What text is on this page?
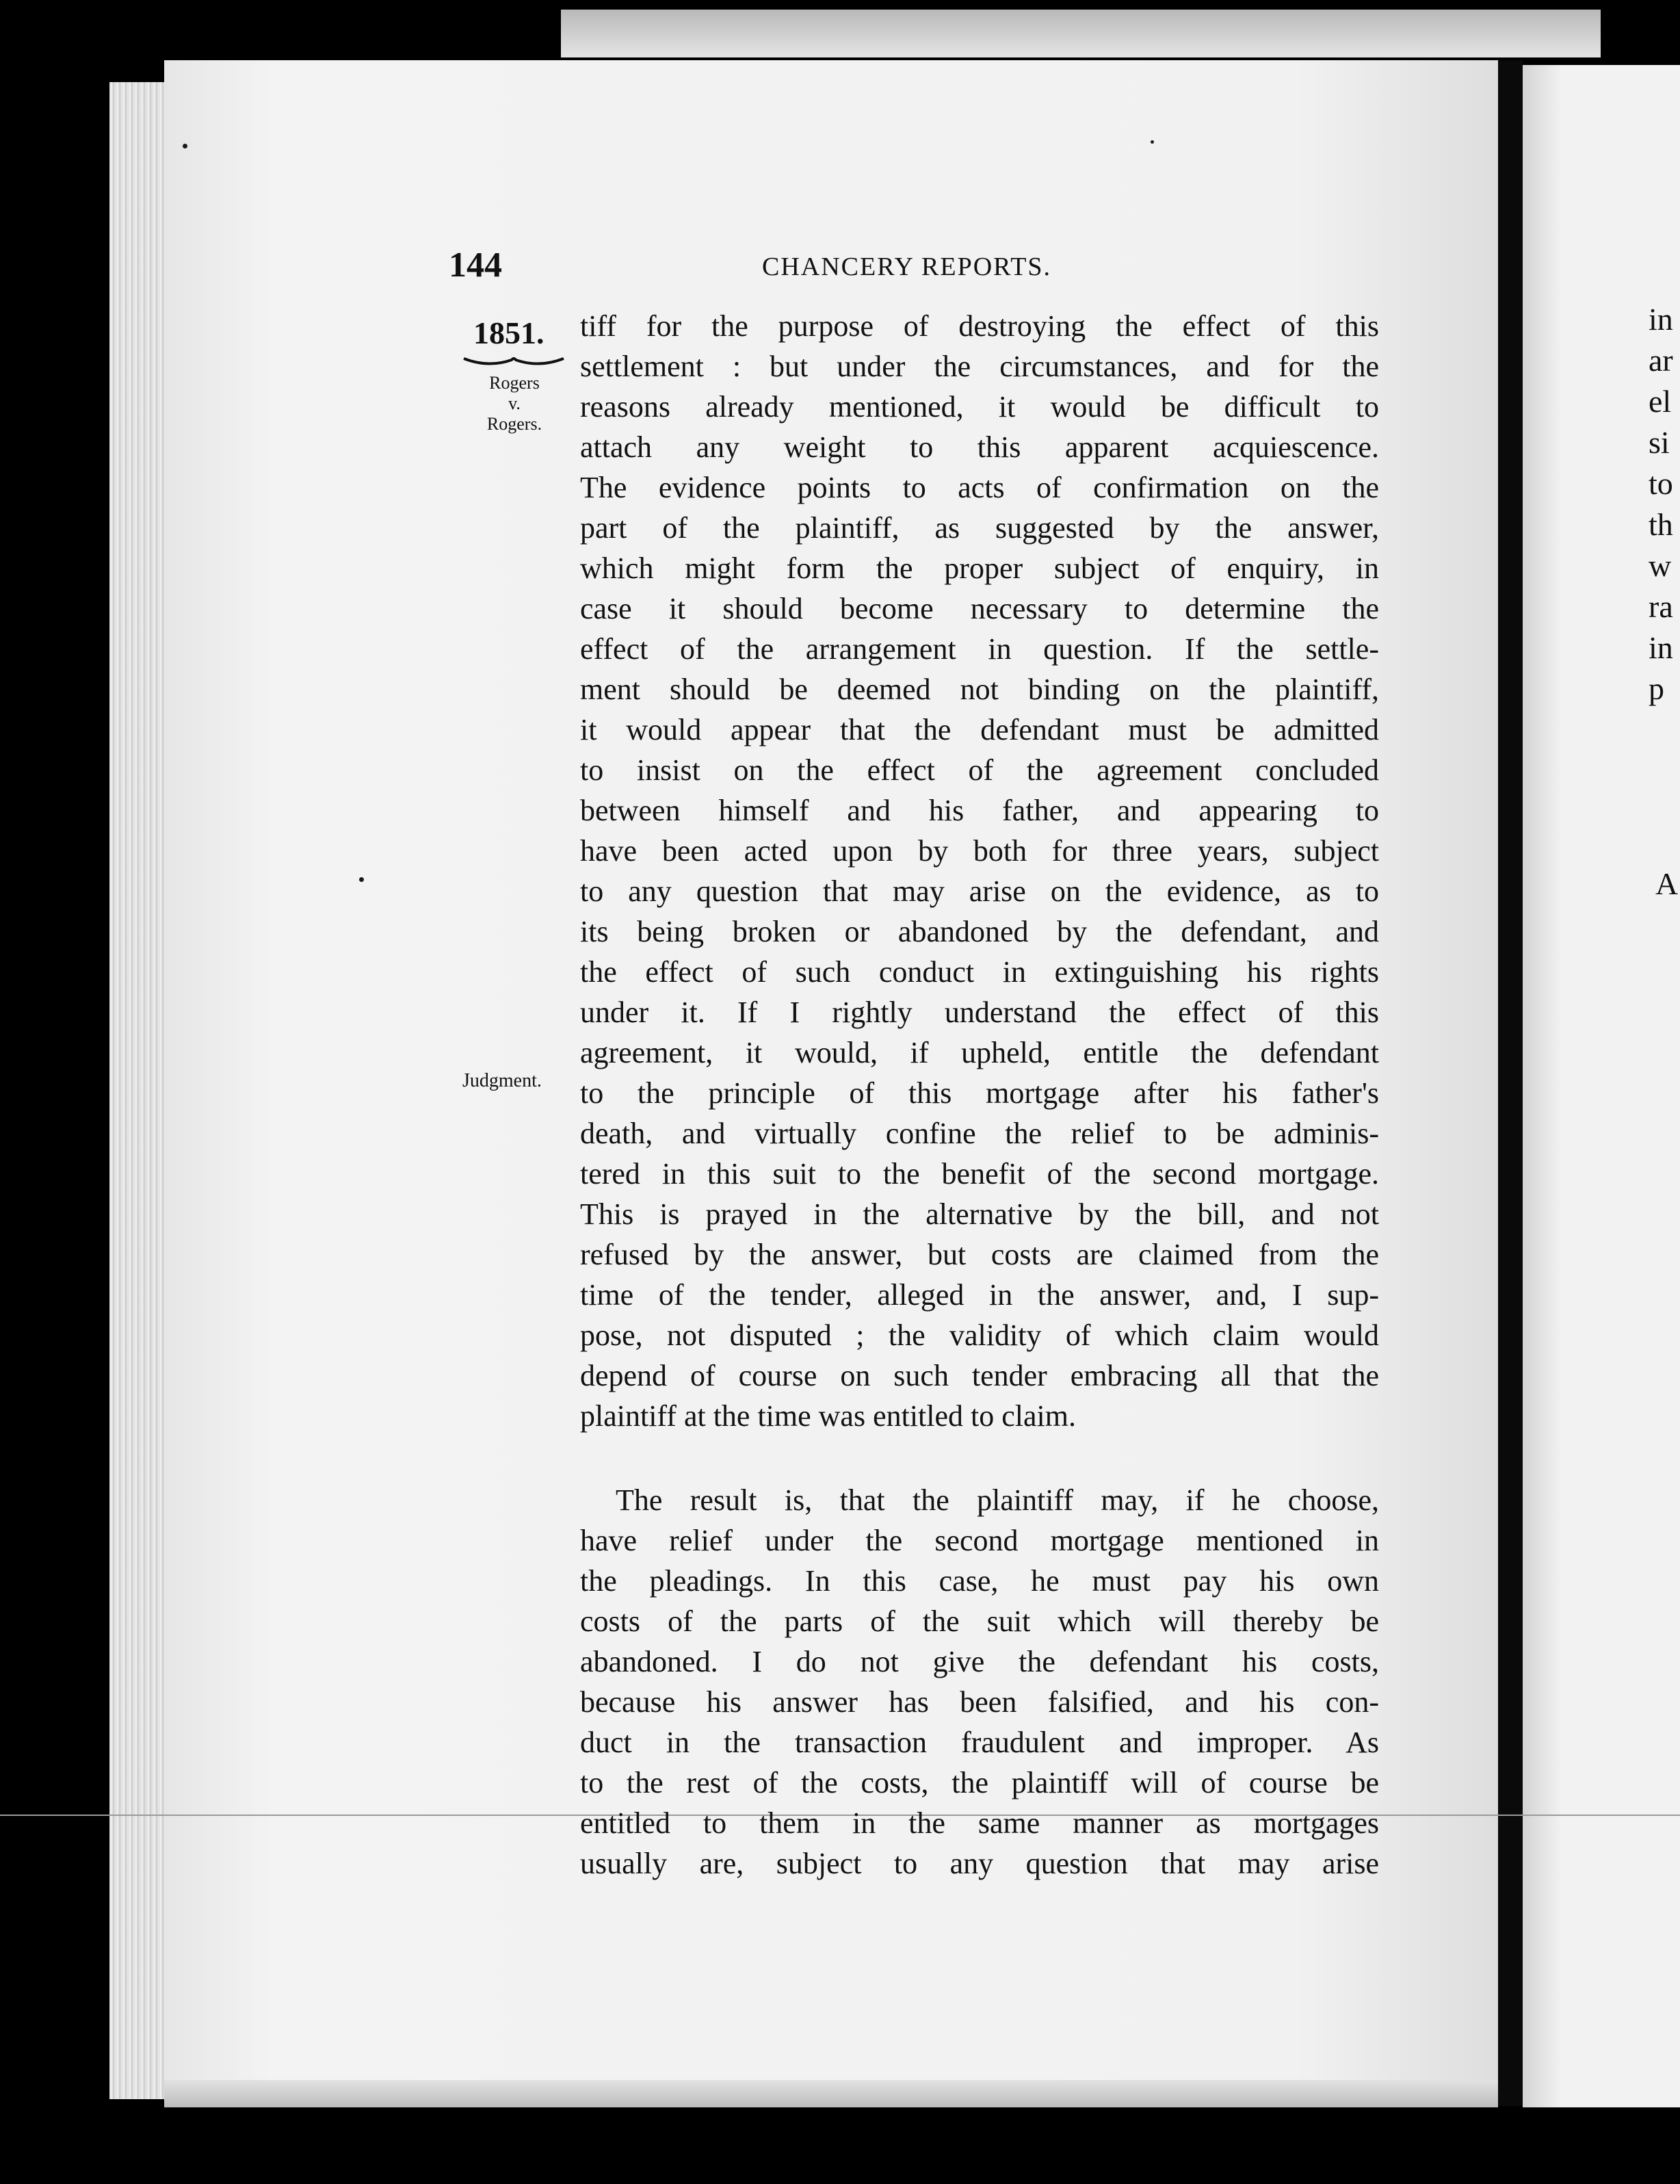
in
ar
el
si
to
th
w
ra
in
p
A
144	CHANCERY REPORTS.
1851.
Rogers
v.
Rogers.
Judgment.
tiff for the purpose of destroying the effect of this
settlement : but under the circumstances, and for the
reasons already mentioned, it would be difficult to
attach any weight to this apparent acquiescence.
The evidence points to acts of confirmation on the
part of the plaintiff, as suggested by the answer,
which might form the proper subject of enquiry, in
case it should become necessary to determine the
effect of the arrangement in question. If the settle-
ment should be deemed not binding on the plaintiff,
it would appear that the defendant must be admitted
to insist on the effect of the agreement concluded
between himself and his father, and appearing to
have been acted upon by both for three years, subject
to any question that may arise on the evidence, as to
its being broken or abandoned by the defendant, and
the effect of such conduct in extinguishing his rights
under it. If I rightly understand the effect of this
agreement, it would, if upheld, entitle the defendant
to the principle of this mortgage after his father's
death, and virtually confine the relief to be adminis-
tered in this suit to the benefit of the second mortgage.
This is prayed in the alternative by the bill, and not
refused by the answer, but costs are claimed from the
time of the tender, alleged in the answer, and, I sup-
pose, not disputed ; the validity of which claim would
depend of course on such tender embracing all that the
plaintiff at the time was entitled to claim.
The result is, that the plaintiff may, if he choose,
have relief under the second mortgage mentioned in
the pleadings. In this case, he must pay his own
costs of the parts of the suit which will thereby be
abandoned. I do not give the defendant his costs,
because his answer has been falsified, and his con-
duct in the transaction fraudulent and improper. As
to the rest of the costs, the plaintiff will of course be
entitled to them in the same manner as mortgages
usually are, subject to any question that may arise
